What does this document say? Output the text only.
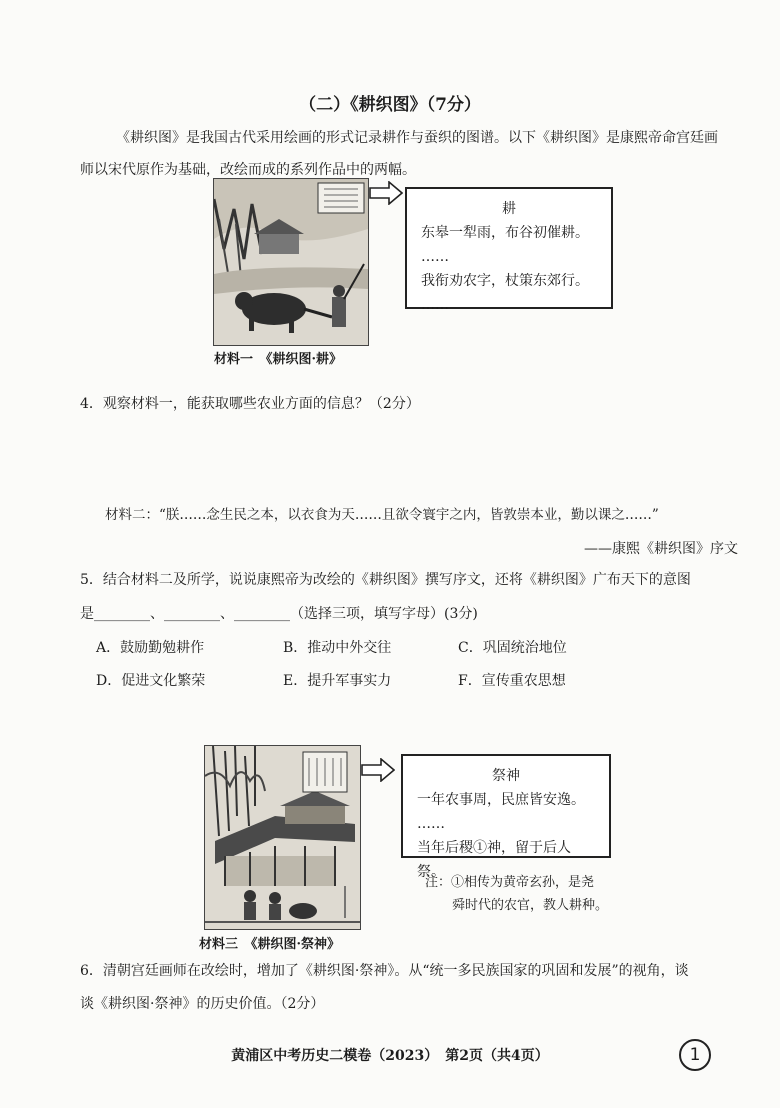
（二）《耕织图》（7分）
《耕织图》是我国古代采用绘画的形式记录耕作与蚕织的图谱。以下《耕织图》是康熙帝命宫廷画
师以宋代原作为基础，改绘而成的系列作品中的两幅。
耕
东皋一犁雨，布谷初催耕。
……
我衔劝农字，杖策东郊行。
……
材料一　《耕织图·耕》
4．观察材料一，能获取哪些农业方面的信息？（2分）
材料二：“朕……念生民之本，以衣食为天……且欲令寰宇之内，皆敦崇本业，勤以课之……”
——康熙《耕织图》序文
5．结合材料二及所学，说说康熙帝为改绘的《耕织图》撰写序文，还将《耕织图》广布天下的意图
是________、________、________（选择三项，填写字母）(3分)
A．鼓励勤勉耕作	B．推动中外交往	C．巩固统治地位
D．促进文化繁荣	E．提升军事实力	F．宣传重农思想
祭神
一年农事周，民庶皆安逸。
……
当年后稷①神，留于后人祭。
注：①相传为黄帝玄孙，是尧
舜时代的农官，教人耕种。
材料三　《耕织图·祭神》
6．清朝宫廷画师在改绘时，增加了《耕织图·祭神》。从“统一多民族国家的巩固和发展”的视角，谈
谈《耕织图·祭神》的历史价值。（2分）
黄浦区中考历史二模卷（2023）　第2页（共4页）	1
